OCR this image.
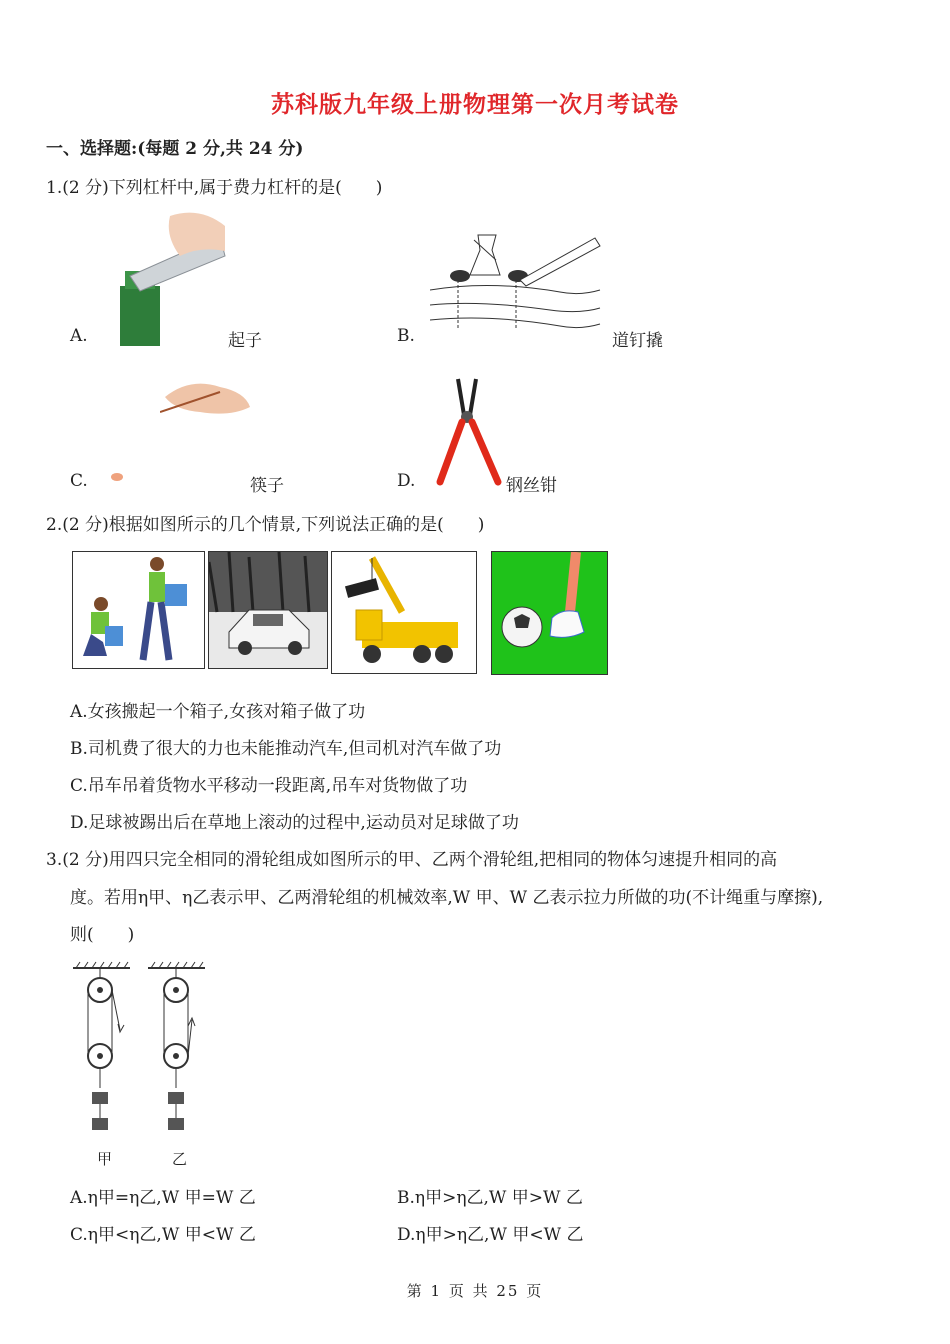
苏科版九年级上册物理第一次月考试卷
一、选择题:(每题 2 分,共 24 分)
1.(2 分)下列杠杆中,属于费力杠杆的是(　　)
A.	起子	B.	道钉撬
C.	筷子	D.	钢丝钳
2.(2 分)根据如图所示的几个情景,下列说法正确的是(　　)
A.女孩搬起一个箱子,女孩对箱子做了功
B.司机费了很大的力也未能推动汽车,但司机对汽车做了功
C.吊车吊着货物水平移动一段距离,吊车对货物做了功
D.足球被踢出后在草地上滚动的过程中,运动员对足球做了功
3.(2 分)用四只完全相同的滑轮组成如图所示的甲、乙两个滑轮组,把相同的物体匀速提升相同的高
度。若用η甲、η乙表示甲、乙两滑轮组的机械效率,W 甲、W 乙表示拉力所做的功(不计绳重与摩擦),
则(　　)
甲	乙
A.η甲=η乙,W 甲=W 乙	B.η甲>η乙,W 甲>W 乙
C.η甲<η乙,W 甲<W 乙	D.η甲>η乙,W 甲<W 乙
第 1 页 共 25 页
